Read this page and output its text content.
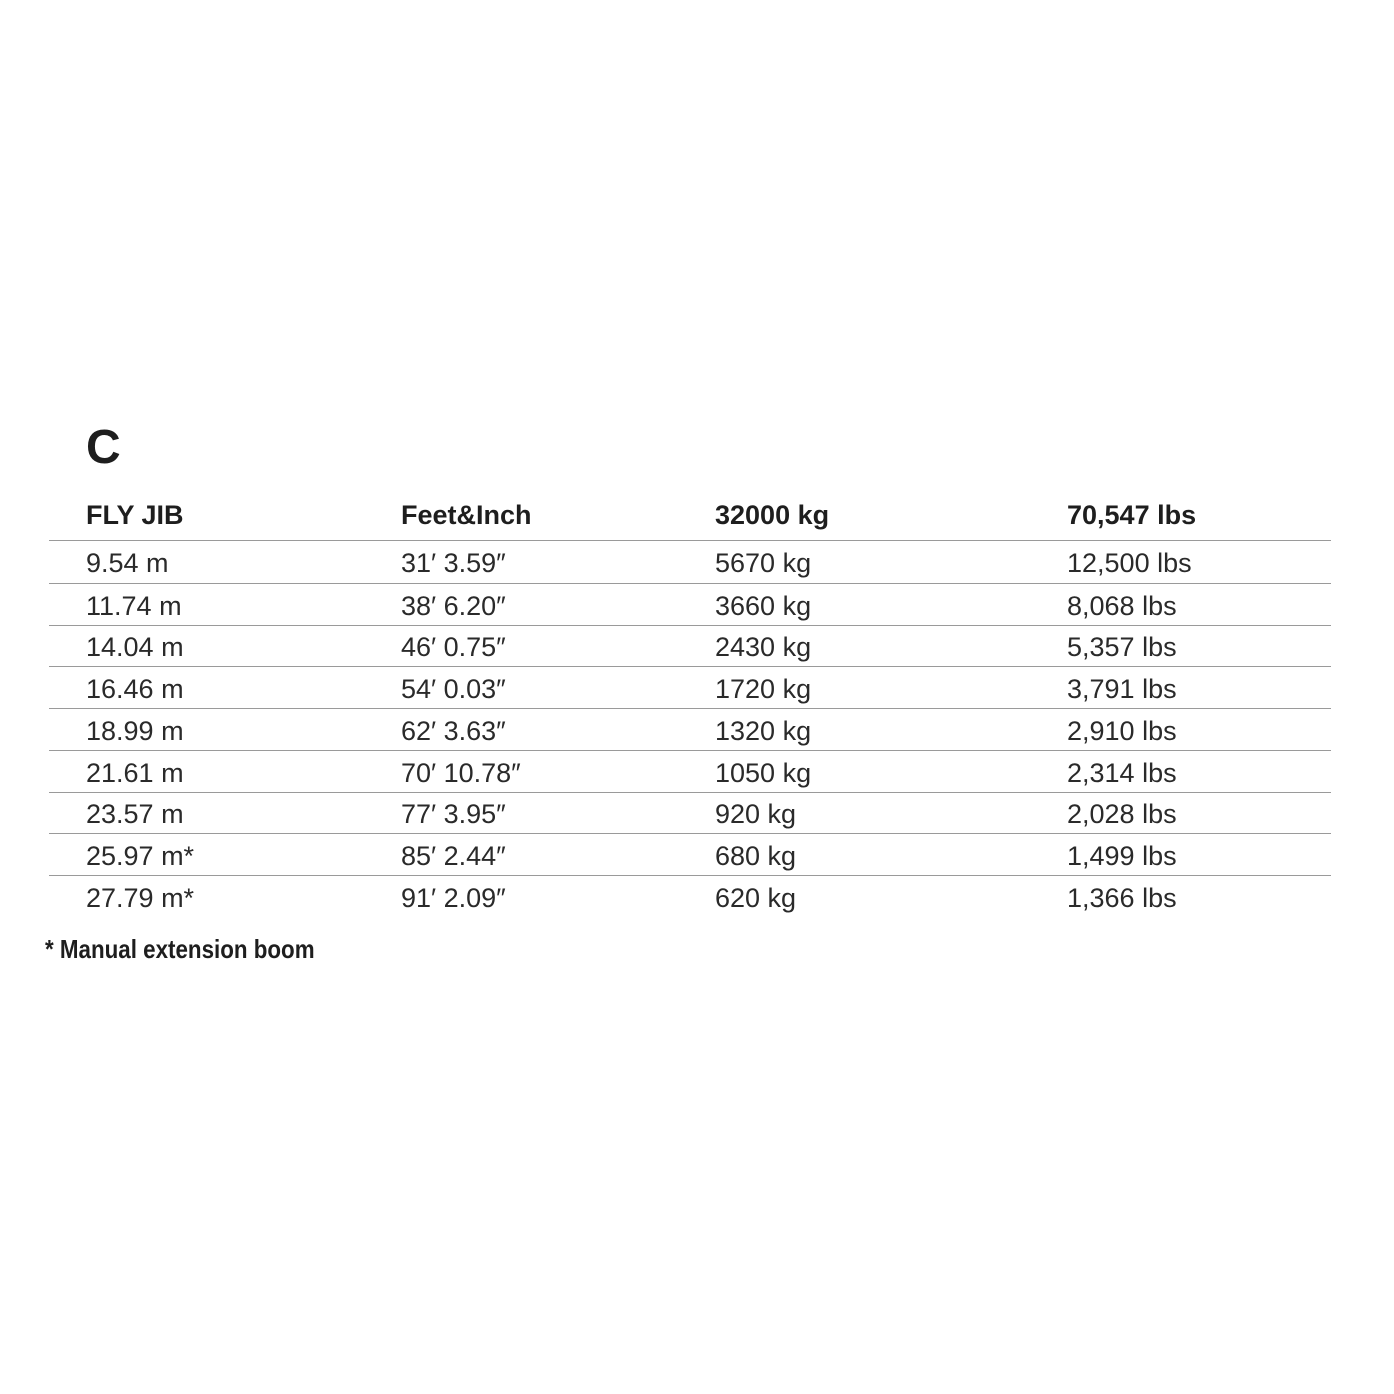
C
FLY JIB	Feet&Inch	32000 kg	70,547 lbs
9.54 m	31′ 3.59″	5670 kg	12,500 lbs
11.74 m	38′ 6.20″	3660 kg	8,068 lbs
14.04 m	46′ 0.75″	2430 kg	5,357 lbs
16.46 m	54′ 0.03″	1720 kg	3,791 lbs
18.99 m	62′ 3.63″	1320 kg	2,910 lbs
21.61 m	70′ 10.78″	1050 kg	2,314 lbs
23.57 m	77′ 3.95″	920 kg	2,028 lbs
25.97 m*	85′ 2.44″	680 kg	1,499 lbs
27.79 m*	91′ 2.09″	620 kg	1,366 lbs
* Manual extension boom
